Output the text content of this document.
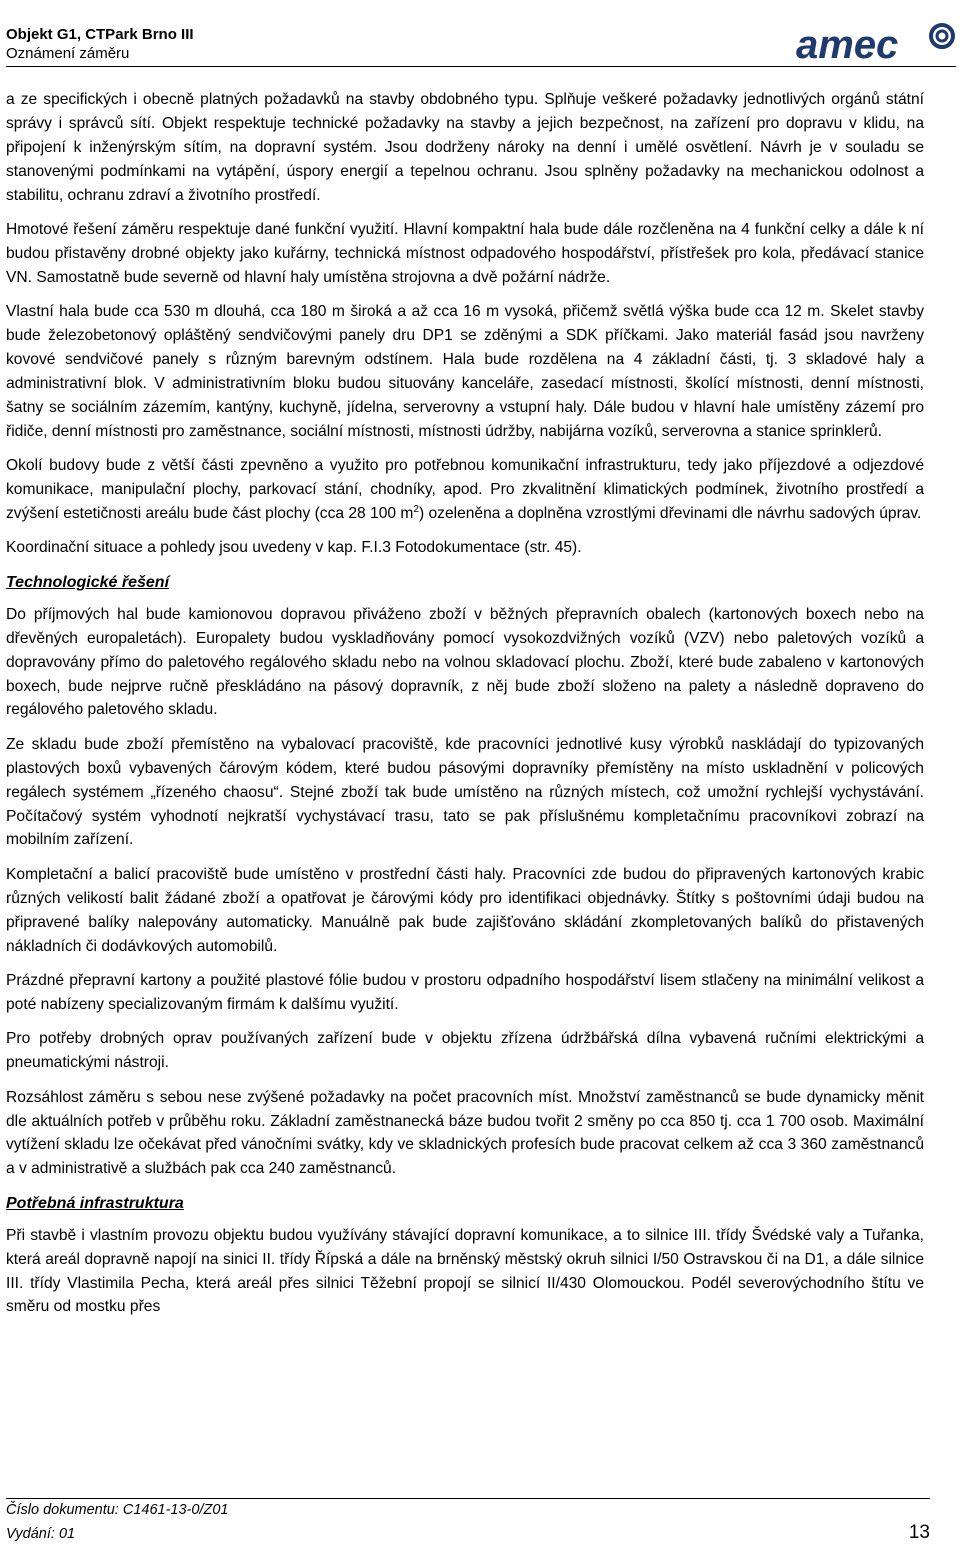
Objekt G1, CTPark Brno III
Oznámení záměru	amec

a ze specifických i obecně platných požadavků na stavby obdobného typu. Splňuje veškeré požadavky jednotlivých orgánů státní správy i správců sítí. Objekt respektuje technické požadavky na stavby a jejich bezpečnost, na zařízení pro dopravu v klidu, na připojení k inženýrským sítím, na dopravní systém. Jsou dodrženy nároky na denní i umělé osvětlení. Návrh je v souladu se stanovenými podmínkami na vytápění, úspory energií a tepelnou ochranu. Jsou splněny požadavky na mechanickou odolnost a stabilitu, ochranu zdraví a životního prostředí.

Hmotové řešení záměru respektuje dané funkční využití. Hlavní kompaktní hala bude dále rozčleněna na 4 funkční celky a dále k ní budou přistavěny drobné objekty jako kuřárny, technická místnost odpadového hospodářství, přístřešek pro kola, předávací stanice VN. Samostatně bude severně od hlavní haly umístěna strojovna a dvě požární nádrže.

Vlastní hala bude cca 530 m dlouhá, cca 180 m široká a až cca 16 m vysoká, přičemž světlá výška bude cca 12 m. Skelet stavby bude železobetonový opláštěný sendvičovými panely dru DP1 se zděnými a SDK příčkami. Jako materiál fasád jsou navrženy kovové sendvičové panely s různým barevným odstínem. Hala bude rozdělena na 4 základní části, tj. 3 skladové haly a administrativní blok. V administrativním bloku budou situovány kanceláře, zasedací místnosti, školící místnosti, denní místnosti, šatny se sociálním zázemím, kantýny, kuchyně, jídelna, serverovny a vstupní haly. Dále budou v hlavní hale umístěny zázemí pro řidiče, denní místnosti pro zaměstnance, sociální místnosti, místnosti údržby, nabijárna vozíků, serverovna a stanice sprinklerů.

Okolí budovy bude z větší části zpevněno a využito pro potřebnou komunikační infrastrukturu, tedy jako příjezdové a odjezdové komunikace, manipulační plochy, parkovací stání, chodníky, apod. Pro zkvalitnění klimatických podmínek, životního prostředí a zvýšení estetičnosti areálu bude část plochy (cca 28 100 $m^2$) ozeleněna a doplněna vzrostlými dřevinami dle návrhu sadových úprav.

Koordinační situace a pohledy jsou uvedeny v kap. F.I.3 Fotodokumentace (str. 45).

Technologické řešení

Do příjmových hal bude kamionovou dopravou přiváženo zboží v běžných přepravních obalech (kartonových boxech nebo na dřevěných europaletách). Europalety budou vyskladňovány pomocí vysokozdvižných vozíků (VZV) nebo paletových vozíků a dopravovány přímo do paletového regálového skladu nebo na volnou skladovací plochu. Zboží, které bude zabaleno v kartonových boxech, bude nejprve ručně přeskládáno na pásový dopravník, z něj bude zboží složeno na palety a následně dopraveno do regálového paletového skladu.

Ze skladu bude zboží přemístěno na vybalovací pracoviště, kde pracovníci jednotlivé kusy výrobků naskládají do typizovaných plastových boxů vybavených čárovým kódem, které budou pásovými dopravníky přemístěny na místo uskladnění v policových regálech systémem „řízeného chaosu“. Stejné zboží tak bude umístěno na různých místech, což umožní rychlejší vychystávání. Počítačový systém vyhodnotí nejkratší vychystávací trasu, tato se pak příslušnému kompletačnímu pracovníkovi zobrazí na mobilním zařízení.

Kompletační a balicí pracoviště bude umístěno v prostřední části haly. Pracovníci zde budou do připravených kartonových krabic různých velikostí balit žádané zboží a opatřovat je čárovými kódy pro identifikaci objednávky. Štítky s poštovními údaji budou na připravené balíky nalepovány automaticky. Manuálně pak bude zajišťováno skládání zkompletovaných balíků do přistavených nákladních či dodávkových automobilů.

Prázdné přepravní kartony a použité plastové fólie budou v prostoru odpadního hospodářství lisem stlačeny na minimální velikost a poté nabízeny specializovaným firmám k dalšímu využití.

Pro potřeby drobných oprav používaných zařízení bude v objektu zřízena údržbářská dílna vybavená ručními elektrickými a pneumatickými nástroji.

Rozsáhlost záměru s sebou nese zvýšené požadavky na počet pracovních míst. Množství zaměstnanců se bude dynamicky měnit dle aktuálních potřeb v průběhu roku. Základní zaměstnanecká báze budou tvořit 2 směny po cca 850 tj. cca 1 700 osob. Maximální vytížení skladu lze očekávat před vánočními svátky, kdy ve skladnických profesích bude pracovat celkem až cca 3 360 zaměstnanců a v administrativě a službách pak cca 240 zaměstnanců.

Potřebná infrastruktura

Při stavbě i vlastním provozu objektu budou využívány stávající dopravní komunikace, a to silnice III. třídy Švédské valy a Tuřanka, která areál dopravně napojí na sinici II. třídy Řípská a dále na brněnský městský okruh silnici I/50 Ostravskou či na D1, a dále silnice III. třídy Vlastimila Pecha, která areál přes silnici Těžební propojí se silnicí II/430 Olomouckou. Podél severovýchodního štítu ve směru od mostku přes

Číslo dokumentu: C1461-13-0/Z01
Vydání: 01	13
